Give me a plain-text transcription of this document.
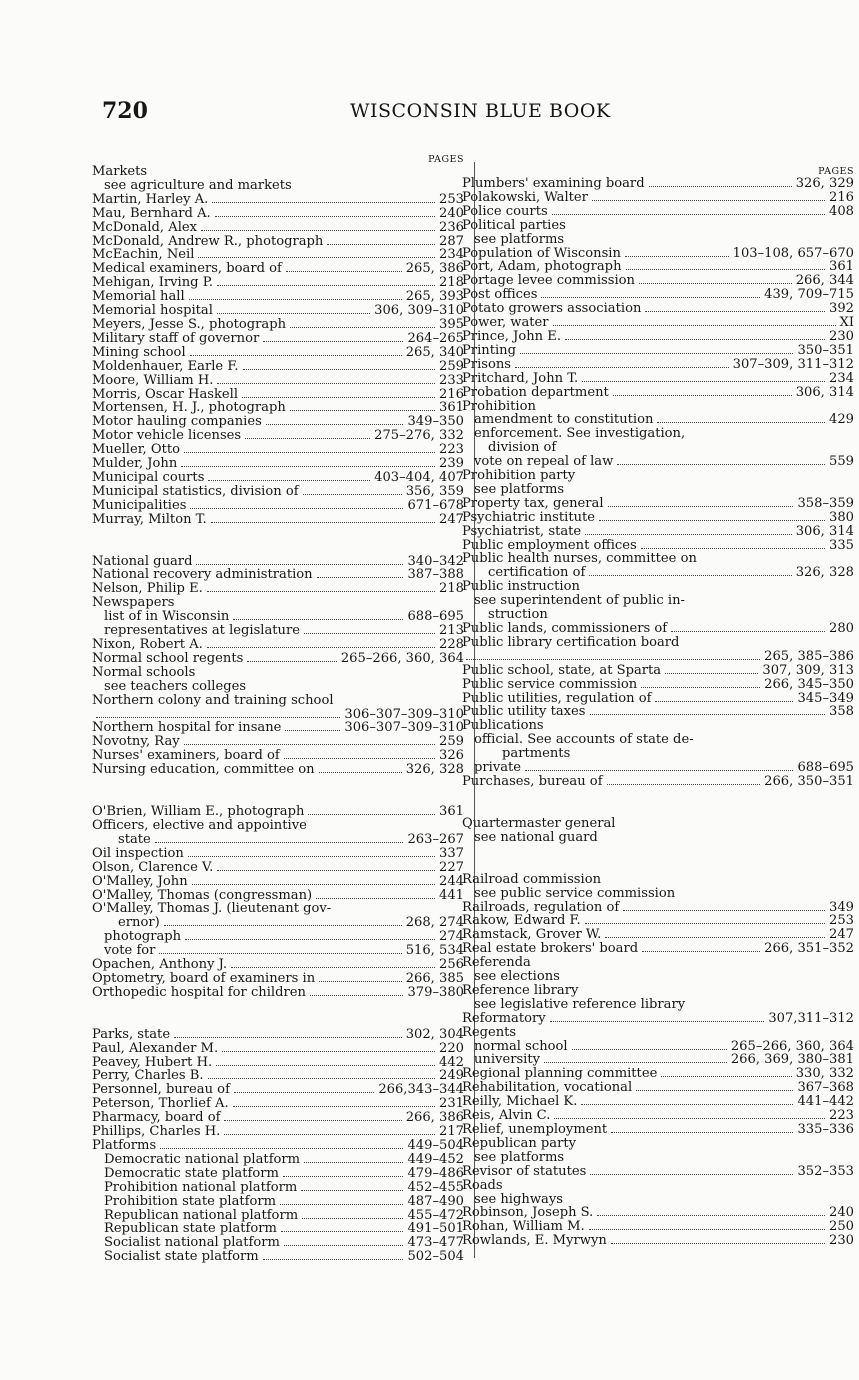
720	WISCONSIN BLUE BOOK
PAGES
Markets
see agriculture and markets
Martin, Harley A.	253
Mau, Bernhard A.	240
McDonald, Alex	236
McDonald, Andrew R., photograph	287
McEachin, Neil	234
Medical examiners, board of	265, 386
Mehigan, Irving P.	218
Memorial hall	265, 393
Memorial hospital	306, 309–310
Meyers, Jesse S., photograph	395
Military staff of governor	264–265
Mining school	265, 340
Moldenhauer, Earle F.	259
Moore, William H.	233
Morris, Oscar Haskell	216
Mortensen, H. J., photograph	361
Motor hauling companies	349–350
Motor vehicle licenses	275–276, 332
Mueller, Otto	223
Mulder, John	239
Municipal courts	403–404, 407
Municipal statistics, division of	356, 359
Municipalities	671–678
Murray, Milton T.	247
National guard	340–342
National recovery administration	387–388
Nelson, Philip E.	218
Newspapers
list of in Wisconsin	688–695
representatives at legislature	213
Nixon, Robert A.	228
Normal school regents	265–266, 360, 364
Normal schools
see teachers colleges
Northern colony and training school
306–307–309–310
Northern hospital for insane	306–307–309–310
Novotny, Ray	259
Nurses' examiners, board of	326
Nursing education, committee on	326, 328
O'Brien, William E., photograph	361
Officers, elective and appointive
state	263–267
Oil inspection	337
Olson, Clarence V.	227
O'Malley, John	244
O'Malley, Thomas (congressman)	441
O'Malley, Thomas J. (lieutenant gov-
ernor)	268, 274
photograph	274
vote for	516, 534
Opachen, Anthony J.	256
Optometry, board of examiners in	266, 385
Orthopedic hospital for children	379–380
Parks, state	302, 304
Paul, Alexander M.	220
Peavey, Hubert H.	442
Perry, Charles B.	249
Personnel, bureau of	266,343–344
Peterson, Thorlief A.	231
Pharmacy, board of	266, 386
Phillips, Charles H.	217
Platforms	449–504
Democratic national platform	449–452
Democratic state platform	479–486
Prohibition national platform	452–455
Prohibition state platform	487–490
Republican national platform	455–472
Republican state platform	491–501
Socialist national platform	473–477
Socialist state platform	502–504
PAGES
Plumbers' examining board	326, 329
Polakowski, Walter	216
Police courts	408
Political parties
see platforms
Population of Wisconsin	103–108, 657–670
Port, Adam, photograph	361
Portage levee commission	266, 344
Post offices	439, 709–715
Potato growers association	392
Power, water	XI
Prince, John E.	230
Printing	350–351
Prisons	307–309, 311–312
Pritchard, John T.	234
Probation department	306, 314
Prohibition
amendment to constitution	429
enforcement. See investigation,
division of
vote on repeal of law	559
Prohibition party
see platforms
Property tax, general	358–359
Psychiatric institute	380
Psychiatrist, state	306, 314
Public employment offices	335
Public health nurses, committee on
certification of	326, 328
Public instruction
see superintendent of public in-
struction
Public lands, commissioners of	280
Public library certification board
265, 385–386
Public school, state, at Sparta	307, 309, 313
Public service commission	266, 345–350
Public utilities, regulation of	345–349
Public utility taxes	358
Publications
official. See accounts of state de-
partments
private	688–695
Purchases, bureau of	266, 350–351
Quartermaster general
see national guard
Railroad commission
see public service commission
Railroads, regulation of	349
Rakow, Edward F.	253
Ramstack, Grover W.	247
Real estate brokers' board	266, 351–352
Referenda
see elections
Reference library
see legislative reference library
Reformatory	307,311–312
Regents
normal school	265–266, 360, 364
university	266, 369, 380–381
Regional planning committee	330, 332
Rehabilitation, vocational	367–368
Reilly, Michael K.	441–442
Reis, Alvin C.	223
Relief, unemployment	335–336
Republican party
see platforms
Revisor of statutes	352–353
Roads
see highways
Robinson, Joseph S.	240
Rohan, William M.	250
Rowlands, E. Myrwyn	230
